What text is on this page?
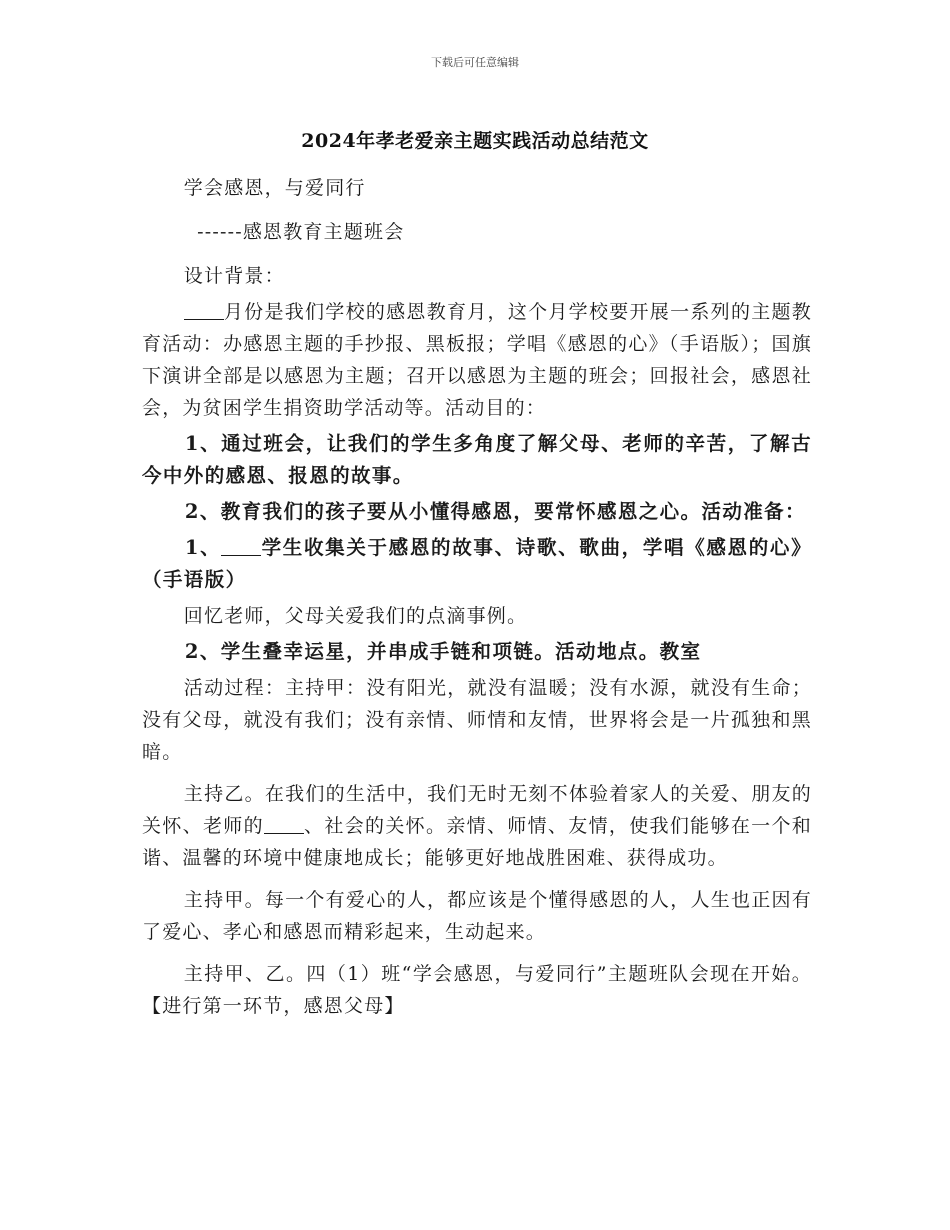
下载后可任意编辑
2024年孝老爱亲主题实践活动总结范文

学会感恩，与爱同行

------感恩教育主题班会

设计背景：

月份是我们学校的感恩教育月，这个月学校要开展一系列的主题教育活动：办感恩主题的手抄报、黑板报；学唱《感恩的心》（手语版）；国旗下演讲全部是以感恩为主题；召开以感恩为主题的班会；回报社会，感恩社会，为贫困学生捐资助学活动等。活动目的：

1、通过班会，让我们的学生多角度了解父母、老师的辛苦，了解古今中外的感恩、报恩的故事。

2、教育我们的孩子要从小懂得感恩，要常怀感恩之心。活动准备：

1、 学生收集关于感恩的故事、诗歌、歌曲，学唱《感恩的心》（手语版）

回忆老师，父母关爱我们的点滴事例。

2、学生叠幸运星，并串成手链和项链。活动地点。教室

活动过程：主持甲：没有阳光，就没有温暖；没有水源，就没有生命；没有父母，就没有我们；没有亲情、师情和友情，世界将会是一片孤独和黑暗。

主持乙。在我们的生活中，我们无时无刻不体验着家人的关爱、朋友的关怀、老师的 、社会的关怀。亲情、师情、友情，使我们能够在一个和谐、温馨的环境中健康地成长；能够更好地战胜困难、获得成功。

主持甲。每一个有爱心的人，都应该是个懂得感恩的人，人生也正因有了爱心、孝心和感恩而精彩起来，生动起来。

主持甲、乙。四（1）班“学会感恩，与爱同行”主题班队会现在开始。【进行第一环节，感恩父母】
